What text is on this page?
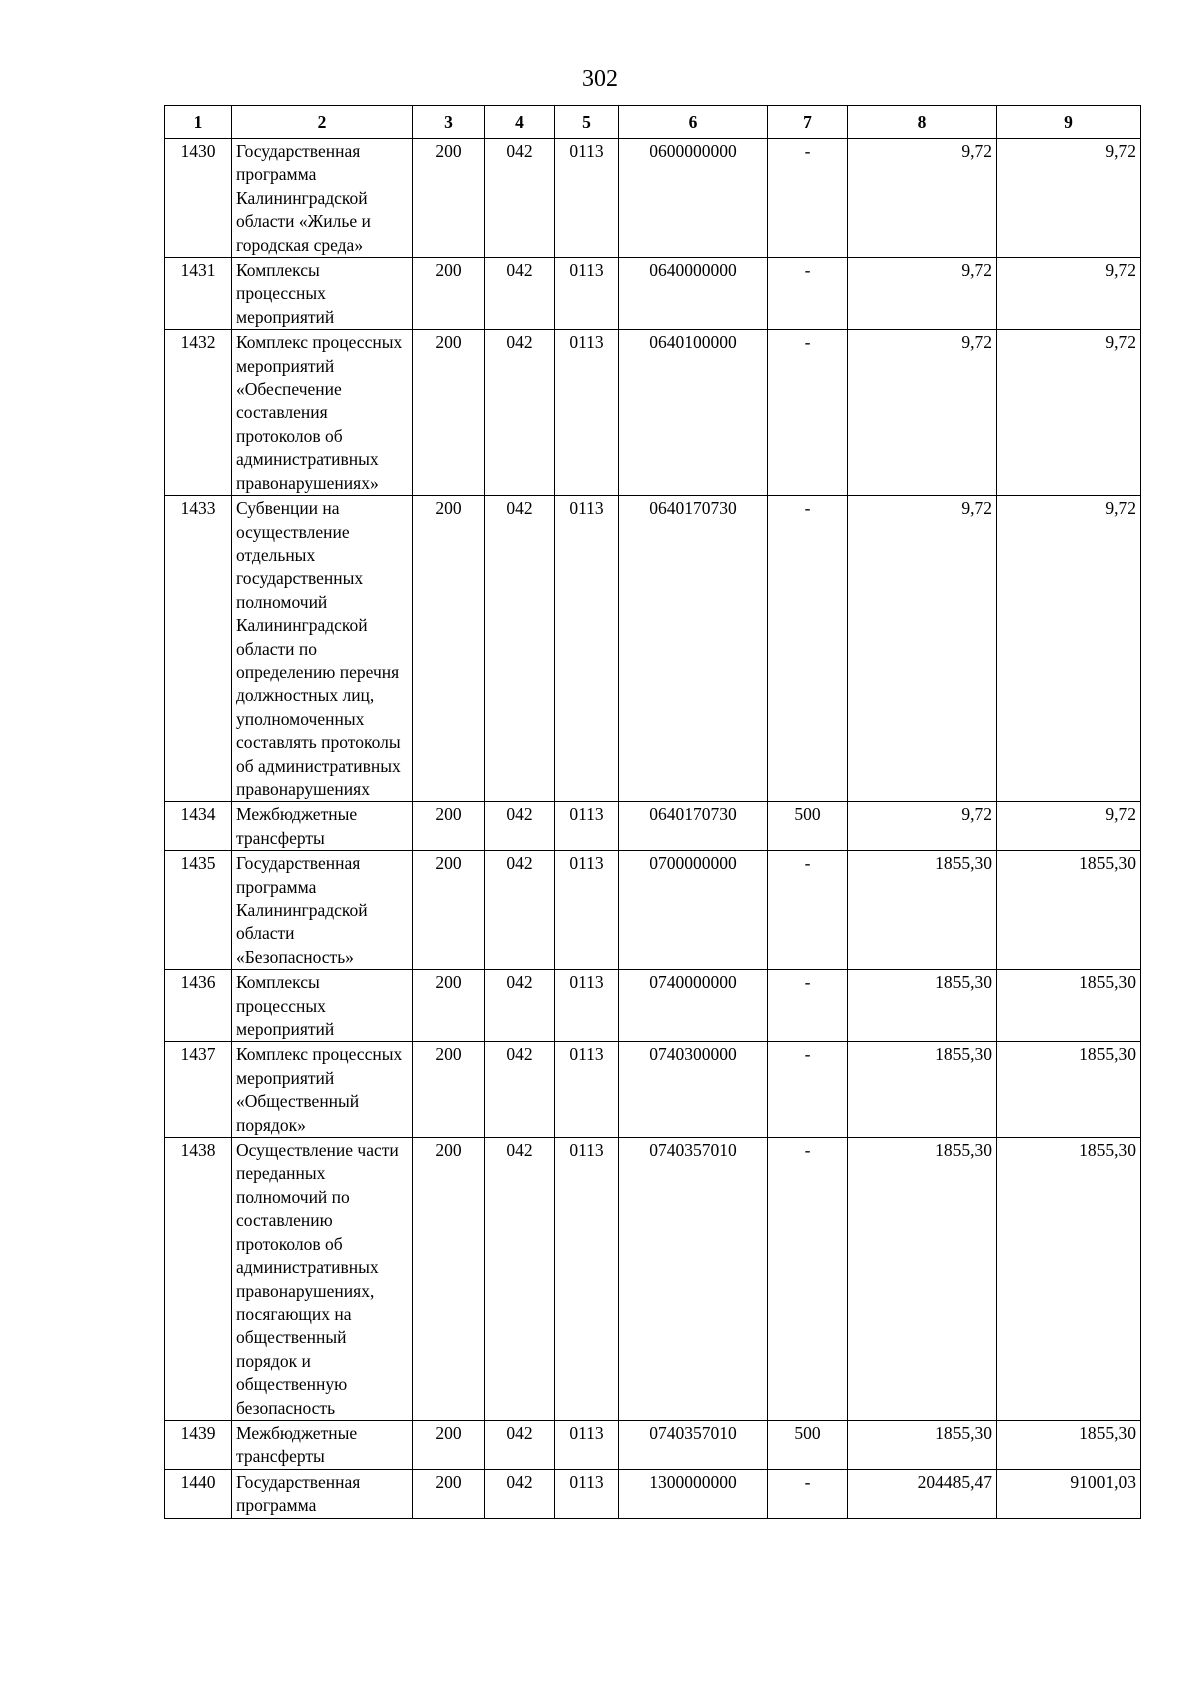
302
1	2	3	4	5	6	7	8	9
1430	Государственная программа Калининградской области «Жилье и городская среда»	200	042	0113	0600000000	-	9,72	9,72
1431	Комплексы процессных мероприятий	200	042	0113	0640000000	-	9,72	9,72
1432	Комплекс процессных мероприятий «Обеспечение составления протоколов об административных правонарушениях»	200	042	0113	0640100000	-	9,72	9,72
1433	Субвенции на осуществление отдельных государственных полномочий Калининградской области по определению перечня должностных лиц, уполномоченных составлять протоколы об административных правонарушениях	200	042	0113	0640170730	-	9,72	9,72
1434	Межбюджетные трансферты	200	042	0113	0640170730	500	9,72	9,72
1435	Государственная программа Калининградской области «Безопасность»	200	042	0113	0700000000	-	1855,30	1855,30
1436	Комплексы процессных мероприятий	200	042	0113	0740000000	-	1855,30	1855,30
1437	Комплекс процессных мероприятий «Общественный порядок»	200	042	0113	0740300000	-	1855,30	1855,30
1438	Осуществление части переданных полномочий по составлению протоколов об административных правонарушениях, посягающих на общественный порядок и общественную безопасность	200	042	0113	0740357010	-	1855,30	1855,30
1439	Межбюджетные трансферты	200	042	0113	0740357010	500	1855,30	1855,30
1440	Государственная программа	200	042	0113	1300000000	-	204485,47	91001,03
